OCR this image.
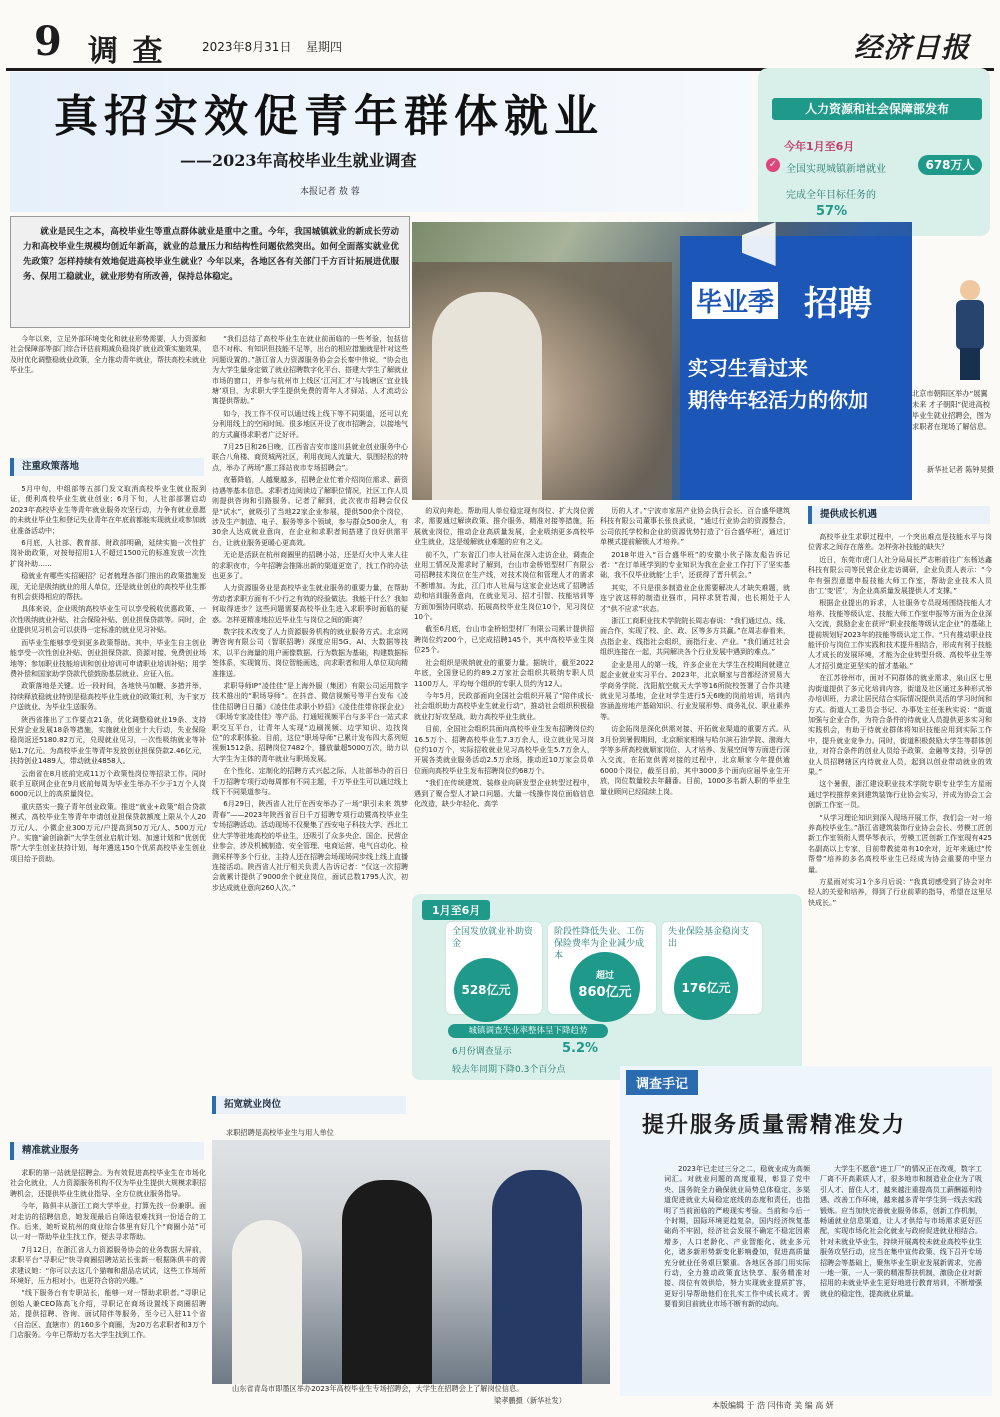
9 调 查	2023年8月31日 星期四	经济日报
真招实效促青年群体就业
——2023年高校毕业生就业调查
本报记者 敖 蓉
人力资源和社会保障部发布
今年1月至6月
✓ 全国实现城镇新增就业	678万人
完成全年目标任务的
57%
就业是民生之本，高校毕业生等重点群体就业是重中之重。今年，我国城镇就业的新成长劳动力和高校毕业生规模均创近年新高，就业的总量压力和结构性问题依然突出。如何全面落实就业优先政策？怎样持续有效地促进高校毕业生就业？今年以来，各地区各有关部门千方百计拓展进优服务、保用工稳就业，就业形势有所改善，保持总体稳定。
毕业季 招聘
实习生看过来
期待年轻活力的你加	北京市朝阳区举办“展翼未来 才子朝阳”促进高校毕业生就业招聘会，图为求职者在现场了解信息。
新华社记者 陈钟昊摄

今年以来，立足外部环境变化和就业形势需要，人力资源和社会保障部等部门综合评估前期减负稳岗扩就业政策实施效果，及时优化调整稳就业政策，全力推动青年就业，帮扶高校未就业毕业生。

注重政策落地

5月中旬，中组部等五部门发文取消高校毕业生就业报到证，便利高校毕业生就业创业；6月下旬，人社部部署启动2023年高校毕业生等青年就业服务攻坚行动，力争有就业意愿的未就业毕业生和登记失业青年在年底前都能实现就业或参加就业准备活动中；

6月底，人社部、教育部、财政部明确，延续实施一次性扩岗补助政策，对按每招用1人不超过1500元的标准发放一次性扩岗补助……

稳就业有哪些实招硬招？记者梳理各部门推出的政策措施发现，无论是吸纳就业的用人单位，还是就业创业的高校毕业生都有机会获得相应的帮扶。

具体来说，企业吸纳高校毕业生可以享受税收优惠政策、一次性吸纳就业补贴、社会保险补贴、创业担保贷款等。同时，企业提供见习机会可以获得一定标准的就业见习补贴。

而毕业生能够享受到更多政策帮助。其中，毕业生自主创业能享受一次性创业补贴、创业担保贷款、资源对接、免费创业场地等；参加职业技能培训和创业培训可申请职业培训补贴；用学费补偿和国家助学贷款代偿鼓励基层就业、应征入伍。

政策落地是关键。近一段时间，各地快马加鞭、多措并举，持续释放稳就业特别是稳高校毕业生就业的政策红利，为千家万户送就业、为毕业生送服务。

陕西省推出了工作要点21条，优化调整稳就业19条、支持民营企业发展18条等措施，实施就业创业十大行动，失业保险稳岗返还5180.82万元，兑现就业见习，一次性吸纳就业等补贴1.7亿元。为高校毕业生等青年发放创业担保贷款2.46亿元，扶持创业1489人，带动就业4858人。

云南省在8月底前完成11万个政策性岗位等招录工作。同时联手互联网企业在9月底前每周为毕业生举办不少于1万个人岗6000元以上的高质量岗位。

重庆搭实一揽子青年创业政策。推进“就业+政策”组合贷款模式，高校毕业生等青年申请创业担保贷款额度上限从个人20万元/人、小微企业300万元/户提高到50万元/人、500万元/户。实施“渝创渝新”大学生创业启航计划、加速计划和“优创优帮”大学生创业扶持计划，每年遴选150个优质高校毕业生创业项目给予资助。

精准就业服务

求职的第一站就是招聘会。为有效促进高校毕业生在市场化社会化就业，人力资源服务机构不仅为毕业生提供大规模求职招聘机会，还提供毕业生就业指导、全方位就业服务指导。

今年，陈俱丰从浙江工商大学毕业，打算先找一份兼职。面对走访的招聘信息，她发现最后自筛选很难找到一份适合的工作。后来，她听说杭州的商业综合体里有好几个“商圈小站”可以一对一帮助毕业生找工作，便去寻求帮助。

7月12日，在浙江省人力资源服务协会的业务数据大屏前，求职平台“寻职记”快寻商圈招聘站站长张新一根据陈俱丰的需求建议她：“你可以去这几个猫咖和甜品店试试，这些工作场所环境好，压力相对小，也更符合你的兴趣。”

“线下服务台有专职站长，能够一对一帮助求职者。”寻职记创始人兼CEO陈高飞介绍，寻职记在商场设置线下商圈招聘站，提供招聘、咨询、面试陪伴等服务，至今已入驻11个省（自治区、直辖市）的160多个商圈，为20万名求职者和3万个门店服务。今年已帮助万名大学生找到工作。

“我们总结了高校毕业生在就业前面临的一些考验，包括信息不对称、有知识但技能不足等，出台的相应措施就是针对这些问题设置的。”浙江省人力资源服务协会会长秦中伟说，“协会也为大学生量身定做了就业招聘数字化平台、搭建大学生了解就业市场的窗口，并参与杭州市上线区‘江河汇才’与钱塘区‘宜业钱塘’项目，为求职大学生提供免费的青年人才驿站、人才流动公寓提供帮助。”

如今，找工作不仅可以通过线上线下等不同渠道，还可以充分利用线上的空闲时间。很多地区开设了夜市招聘会，以接地气的方式赢得求职者广泛好评。

7月25日和26日晚，江西省吉安市遂川县就业创业服务中心联合八角楼、商贸城两社区，利用夜间人流量大、氛围轻松的特点，举办了两场“惠工择站夜市专场招聘会”。

夜幕降临，人越聚越多，招聘企业忙着介绍岗位需求、薪资待遇等基本信息。求职者边阅读边了解职位情况，社区工作人员则提供咨询和引路服务。记者了解到，此次夜市招聘会仅仅是“试水”，就吸引了当地22家企业参展，提供500余个岗位，涉及生产制造、电子、服务等多个领域，参与群众500余人，有30余人达成就业意向，在企业和求职者间搭建了良好供需平台，让就业服务更暖心更高效。

无论是活跃在杭州商圈里的招聘小站，还是灯火中人来人往的求职夜市，今年招聘会推陈出新的渠道更宽了，找工作的办法也更多了。

人力资源服务业是高校毕业生就业服务的重要力量，在帮助劳动者求职方面有不少行之有效的经验做法。我能干什么？我如何取得进步？这些问题需要高校毕业生进入求职季时面临的疑惑。怎样更精准地拉近毕业生与岗位之间的距离？

数字技术改变了人力资源服务机构的就业服务方式。北京网聘咨询有限公司（智联招聘）深度应用5G、AI、大数据等技术，以平台海量的用户画像数据、行为数据为基础，构建数据标签体系，实现简历、岗位智能画选，向求职者和用人单位双向精准推送。

求职导师IP“凌佳佳”是上海外服（集团）有限公司运用数字技术推出的“职场导师”。在抖音、微信视频号等平台发布《凌佳佳招聘日日播》《凌佳佳求职小妙招》《凌佳佳带你探企业》《职场专家凌佳佳》等产品，打通短视频平台与多平台一站式求职交互平台，让青年人实现“边刷视频、边学知识、边找岗位”的求职体验。目前，这位“职场导师”已累计发布四大系列短视频1512条、招聘岗位7482个，播放量超5000万次，助力以大学生为主体的青年就业与职场发展。

在个性化、定制化的招聘方式兴起之际，人社部举办的百日千万招聘专项行动每周都有不同主题，千万毕业生可以通过线上线下不同渠道参与。

6月29日，陕西省人社厅在西安举办了一场“职引未来 筑梦青春”——2023年陕西省百日千万招聘专项行动暨高校毕业生专场招聘活动。活动现场不仅聚集了西安电子科技大学、西北工业大学等驻地高校的毕业生，还吸引了众多央企、国企、民营企业参会，涉及机械制造、安全管理、电商运营、电气自动化、检测采样等多个行业，主持人还在招聘会场现场同步线上线上直播连接活动。陕西省人社厅相关负责人告诉记者：“仅这一次招聘会就累计提供了9000余个就业岗位，面试总数1795人次，初步达成就业意向260人次。”

拓宽就业岗位
求职招聘是高校毕业生与用人单位

的双向奔赴。帮助用人单位稳定现有岗位、扩大岗位需求，需要通过解读政策、推介服务、精准对接等措施，拓展就业岗位，推动企业高质量发展，企业吸纳更多高校毕业生就业，这是缓解就业难题的应有之义。

前不久，广东省江门市人社局在深入走访企业，调查企业用工情况及需求时了解到，台山市金桥铝型材厂有限公司招聘技术岗位在生产线，对技术岗位和管理人才的需求不断增加。为此，江门市人社局与这家企业达成了招聘活动和培训服务意向，在就业见习、招才引智、技能培训等方面加强协同联动，拓展高校毕业生岗位10个，见习岗位10个。

截至6月底，台山市金桥铝型材厂有限公司累计提供招聘岗位约200个，已完成招聘145个，其中高校毕业生岗位25个。

社会组织是吸纳就业的重要力量。据统计，截至2022年底，全国登记的约89.2万家社会组织共吸纳专职人员1100万人，平均每个组织的专职人员约为12人。

今年5月，民政部面向全国社会组织开展了“陪伴成长·社会组织助力高校毕业生就业行动”，推动社会组织积极稳就业打好攻坚战，助力高校毕业生就业。

目前，全国社会组织共面向高校毕业生发布招聘岗位约16.5万个、招聘高校毕业生7.3万余人，设立就业见习岗位约10万个，实际招收就业见习高校毕业生5.7万余人，开展各类就业服务活动2.5万余场，推动近10万家会员单位面向高校毕业生发布招聘岗位约68万个。

“我们在传统建筑、装修业向研发型企业转型过程中，遇到了聚合型人才缺口问题。大量一线操作岗位面临信息化改造，缺少年轻化、高学

历的人才。”宁波市家居产业协会执行会长、百合盛华建筑科技有限公司董事长张良武说，“通过行业协会的资源整合，公司依托学校和企业的资源优势打造了‘百合盛华班’，通过订单模式提前解锁人才培养。”

2018年进入“百合盛华班”的安徽小伙子陈友彪告诉记者：“在订单班学到的专业知识为我在企业工作打下了坚实基础，我不仅毕业就能‘上手’，还获得了晋升机会。”

其实，不只是很多制造业企业需要解决人才缺失难题，就连宁波这样的制造业强市，同样求贤若渴，也长期处于人才“供不应求”状态。

浙江工商职业技术学院院长周志春说：“我们通过点、线、面合作，实现了校、企、政、区等多方共赢。”在周志春看来，点指企业、线指社会组织，面指行业、产业。“我们通过社会组织连接在一起，共同解决各个行业发展中遇到的难点。”

企业是用人的第一线，许多企业在大学生在校期间就建立起企业就业实习平台。2023年，北京顺家与首都经济贸易大学商务学院、沈阳航空航天大学等16所院校签署了合作共建就业见习基地，企业对学生进行5天6晚的岗前培训，培训内容涵盖房地产基础知识、行业发展形势、商务礼仪、职业素养等。

访企拓岗是深化供需对接、开拓就业渠道的重要方式。从3月份到暑假期间，北京顺家相继与哈尔滨石油学院、渤海大学等多所高校就顺家岗位、人才培养、发展空间等方面进行深入交流，在拓宽供需对接的过程中，北京顺家今年提供逾6000个岗位，截至目前，其中3000多个面向应届毕业生开放，岗位数量较去年翻番。目前，1000多名新人职的毕业生量业顾问已经陆续上岗。

提供成长机遇

高校毕业生求职过程中，一个突出难点是技能水平与岗位需求之间存在落差。怎样弥补技能的缺失？

近日，东莞市虎门人社分局局长严志彬前往广东杨达鑫科技有限公司等民营企业走访调研，企业负责人表示：“今年有强烈意愿申报技能大师工作室，帮助企业技术人员由‘工’变‘匠’，为企业高质量发展提供人才支撑。”

根据企业提出的诉求，人社服务专员现场围绕技能人才培养、技能等级认定、技能大师工作室申报等方面为企业深入交流，鼓励企业在获评“职业技能等级认定企业”的基础上提前规划好2023年的技能等级认定工作。“只有推动职业技能评价与岗位工作实践和技术提升相结合，形成有利于技能人才成长的发展环境，才能为企业转型升级、高校毕业生等人才招引奠定更坚实的留才基础。”

在江苏徐州市，面对不同群体的就业需求，泉山区七里沟街道提供了多元化培训内容，街道及社区通过多种形式举办培训班，力求让居民结合实际情况提供灵活的学习时间和方式。街道人工委员会书记、办事处主任张秋实说：“街道加强与企业合作，为符合条件的待就业人员提供更多实习和实践机会，有助于待就业群体将知识技能应用到实际工作中，提升就业竞争力。同时，街道积极鼓励大学生等群体创业，对符合条件的创业人员给予政策、金融等支持，引导创业人员招聘辖区内待就业人员，起到以创业带动就业的效果。”

这个暑假，浙江建设职业技术学院专职专业学生方星雨通过学校推荐来到建筑装饰行业协会实习，并成为协会工会创新工作室一员。

“从学习理论知识到深入现场开展工作，我们会一对一培养高校毕业生。”浙江省建筑装饰行业协会会长、劳模工匠创新工作室领衔人贾华琴表示，劳模工匠创新工作室现有425名副高以上专家，目前带教徒弟有10余对，近年来通过“传帮带”培养的多名高校毕业生已经成为协会重要的中坚力量。

方星雨对实习1个多月后说：“我真切感受到了协会对年轻人的关爱和培养，得到了行业前辈的指导，希望在这里尽快成长。”

1月至6月
全国发放就业补助资金
阶段性降低失业、工伤保险费率为企业减少成本
失业保险基金稳岗支出
528亿元
超过
860亿元	176亿元
城镇调查失业率整体呈下降趋势
6月份调查显示	5.2%
较去年同期下降0.3个百分点
调查手记
提升服务质量需精准发力
2023年已走过三分之二，稳就业成为高频词汇。对就业问题的高度重视，彰显了党中央、国务院全力确保就业局势总体稳定、多渠道促进就业大局稳定底线的态度和责任，也指明了当前面临的严峻现实考验。当前和今后一个时期，国际环境更趋复杂，国内经济恢复基础尚不牢固，经济社会发展不确定不稳定因素增多，人口老龄化、产业智能化、就业多元化，诸多新形势新变化影响叠加，促进高质量充分就业任务艰巨繁重。各地区各部门用实际行动，全力推动政策直达快享、服务精准对接、岗位有效供给，努力实现就业提质扩容，更好引导帮助他们在扎实工作中成长成才。需要看到目前就业市场不断有新的动向。
大学生不愿意“进工厂”的情况正在改观，数字工厂离不开高素质人才，很多地市和制造业企业为了吸引人才、留住人才，越来越注重提高员工薪酬福利待遇、改善工作环境，越来越多青年学生到一线去实践锻炼。应当加快完善就业服务体系，创新工作机制，畅通就业信息渠道，让人才供给与市场需求更好匹配，实现市场化社会化就业与政府促进就业相结合。针对未就业毕业生，持续开展离校未就业高校毕业生服务攻坚行动，应当在集中宣传政策、线下召开专场招聘会等基础上，聚焦毕业生职业发展新需求，完善一地一策、一人一策的精准帮扶机制，激励企业对新招用的未就业毕业生更好地进行教育培训，不断增强就业的稳定性，提高就业质量。
山东省青岛市即墨区举办2023年高校毕业生专场招聘会，大学生在招聘会上了解岗位信息。
梁孝鹏摄（新华社发）
本版编辑 于 浩 闫伟奇 美 编 高 妍
